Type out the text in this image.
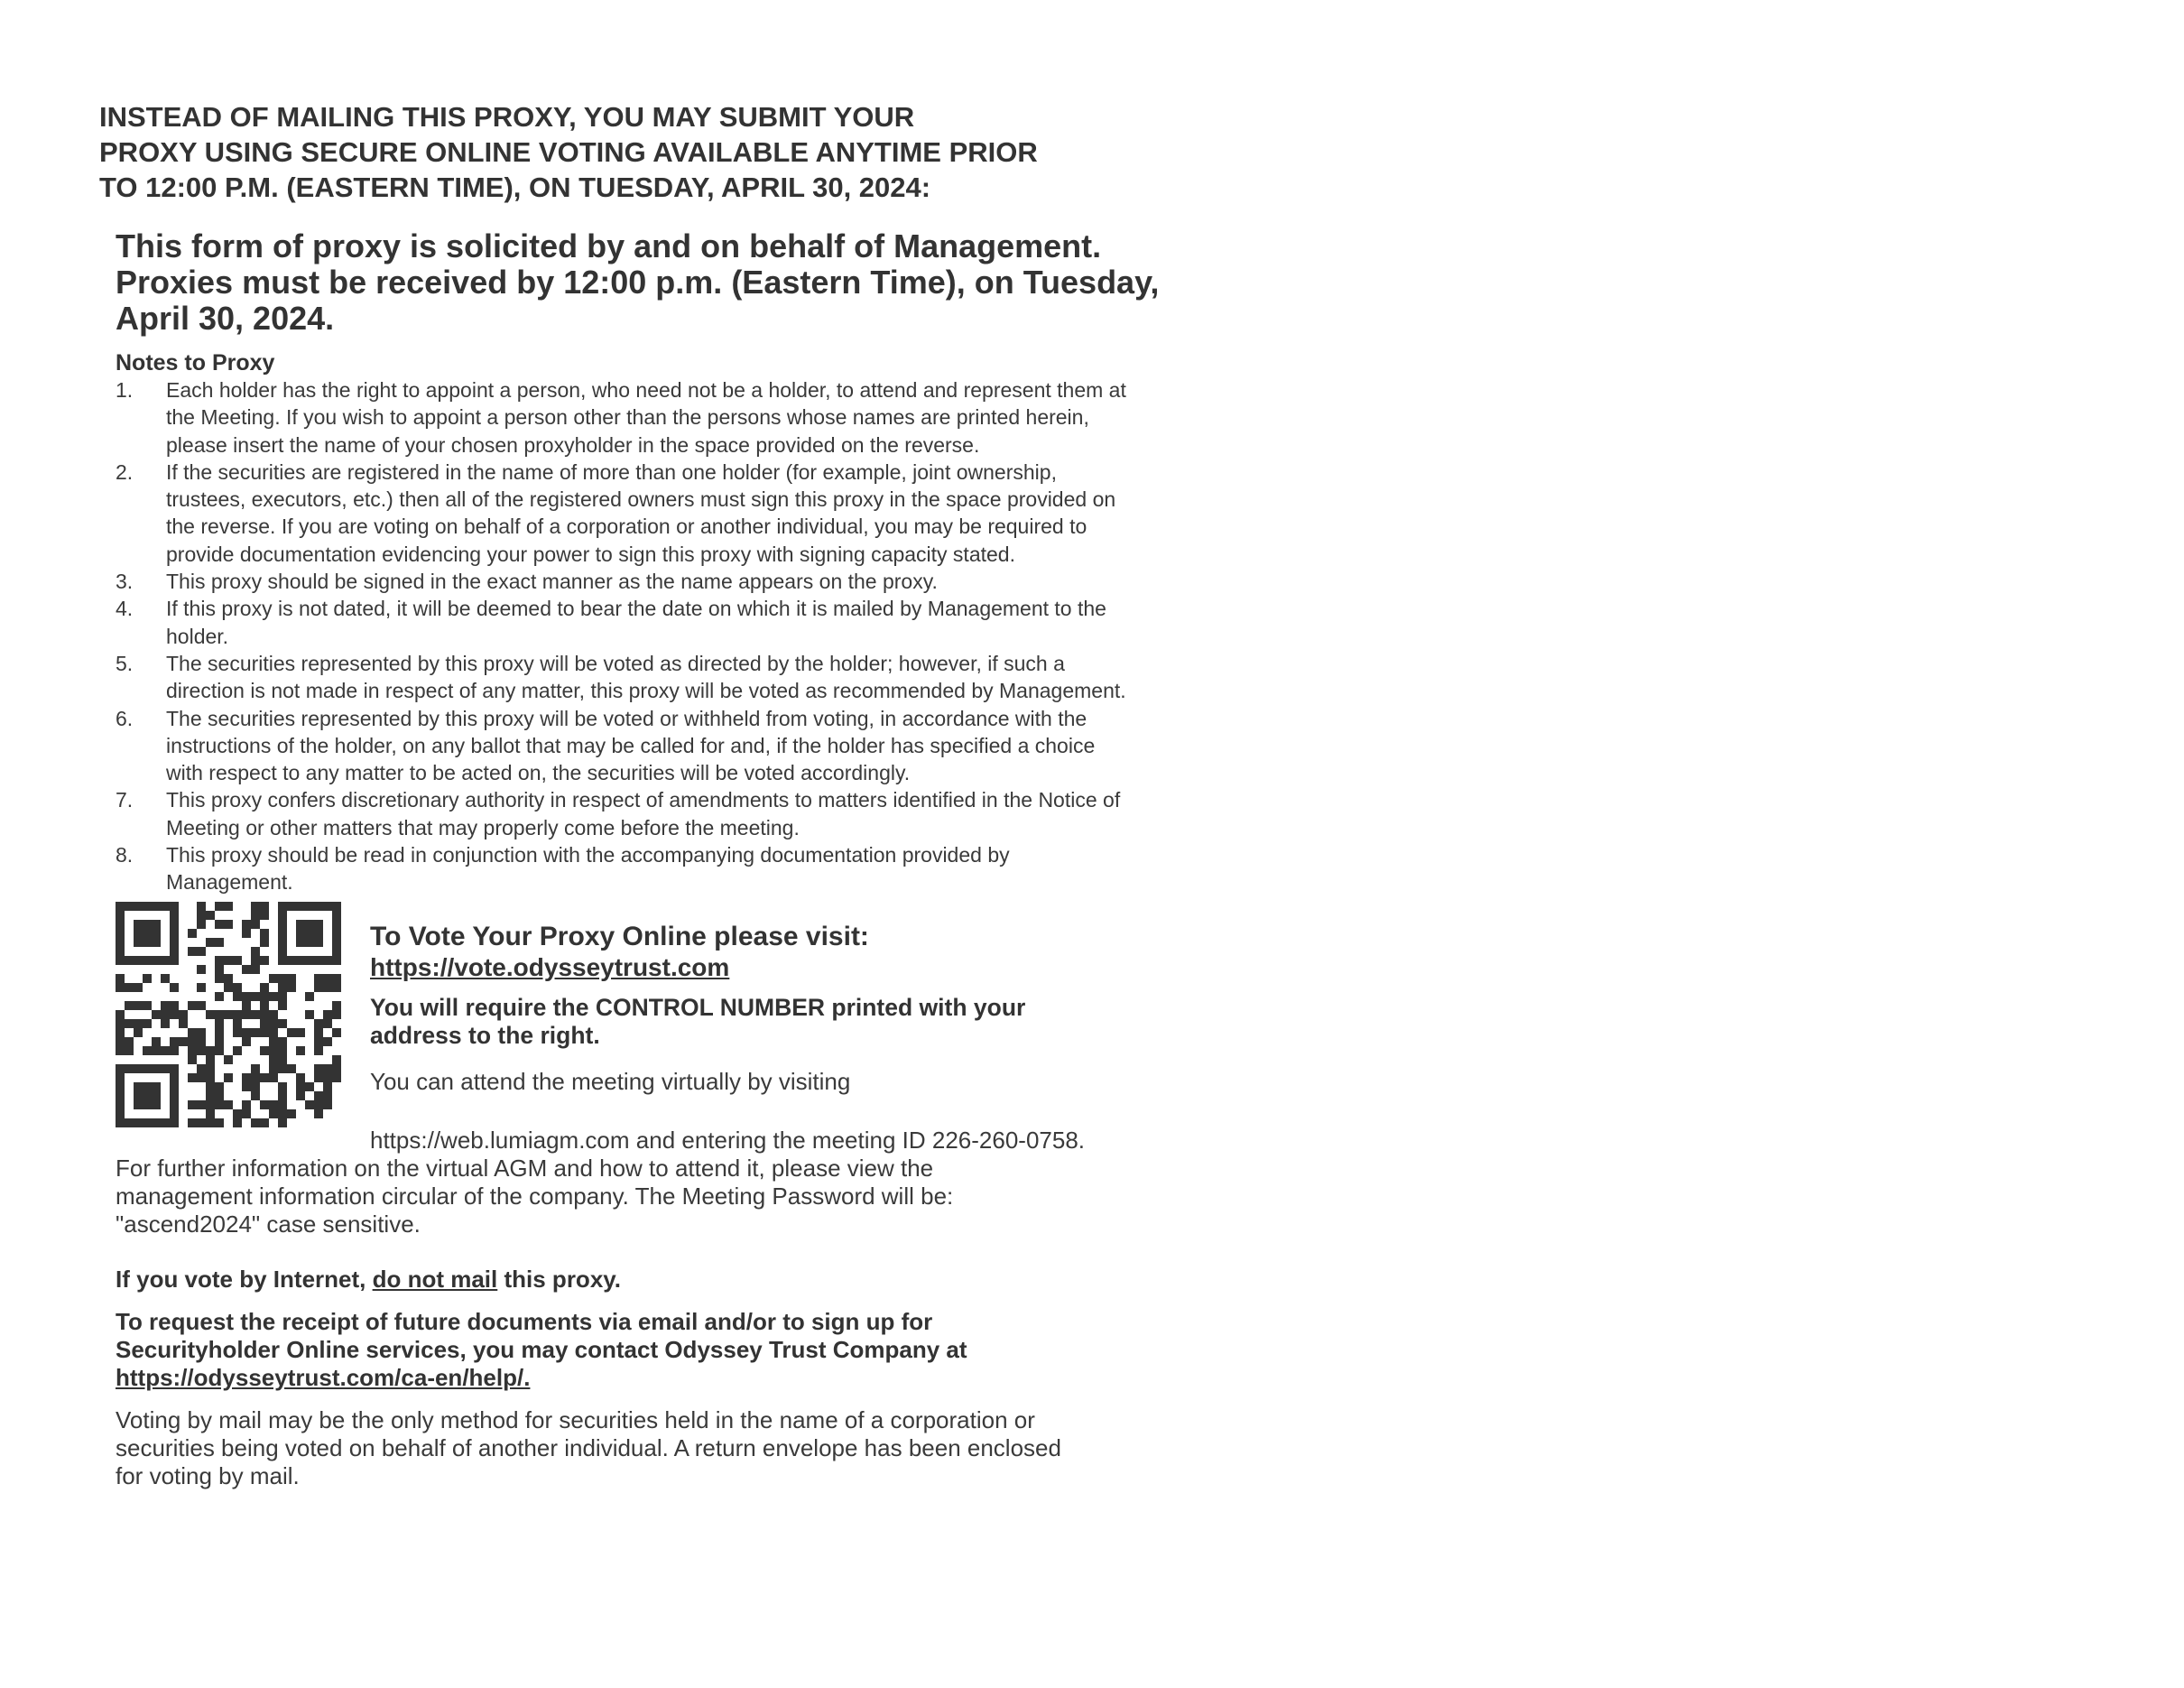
INSTEAD OF MAILING THIS PROXY, YOU MAY SUBMIT YOUR
PROXY USING SECURE ONLINE VOTING AVAILABLE ANYTIME PRIOR
TO 12:00 P.M. (EASTERN TIME), ON TUESDAY, APRIL 30, 2024:
This form of proxy is solicited by and on behalf of Management.
Proxies must be received by 12:00 p.m. (Eastern Time), on Tuesday,
April 30, 2024.
Notes to Proxy
1.	Each holder has the right to appoint a person, who need not be a holder, to attend and represent them at the Meeting. If you wish to appoint a person other than the persons whose names are printed herein, please insert the name of your chosen proxyholder in the space provided on the reverse.
2.	If the securities are registered in the name of more than one holder (for example, joint ownership, trustees, executors, etc.) then all of the registered owners must sign this proxy in the space provided on the reverse. If you are voting on behalf of a corporation or another individual, you may be required to provide documentation evidencing your power to sign this proxy with signing capacity stated.
3.	This proxy should be signed in the exact manner as the name appears on the proxy.
4.	If this proxy is not dated, it will be deemed to bear the date on which it is mailed by Management to the holder.
5.	The securities represented by this proxy will be voted as directed by the holder; however, if such a direction is not made in respect of any matter, this proxy will be voted as recommended by Management.
6.	The securities represented by this proxy will be voted or withheld from voting, in accordance with the instructions of the holder, on any ballot that may be called for and, if the holder has specified a choice with respect to any matter to be acted on, the securities will be voted accordingly.
7.	This proxy confers discretionary authority in respect of amendments to matters identified in the Notice of Meeting or other matters that may properly come before the meeting.
8.	This proxy should be read in conjunction with the accompanying documentation provided by Management.
To Vote Your Proxy Online please visit:
https://vote.odysseytrust.com
You will require the CONTROL NUMBER printed with your
address to the right.
You can attend the meeting virtually by visiting
https://web.lumiagm.com and entering the meeting ID 226-260-0758.
For further information on the virtual AGM and how to attend it, please view the
management information circular of the company. The Meeting Password will be:
"ascend2024" case sensitive.
If you vote by Internet, do not mail this proxy.
To request the receipt of future documents via email and/or to sign up for
Securityholder Online services, you may contact Odyssey Trust Company at
https://odysseytrust.com/ca-en/help/.
Voting by mail may be the only method for securities held in the name of a corporation or
securities being voted on behalf of another individual. A return envelope has been enclosed
for voting by mail.
